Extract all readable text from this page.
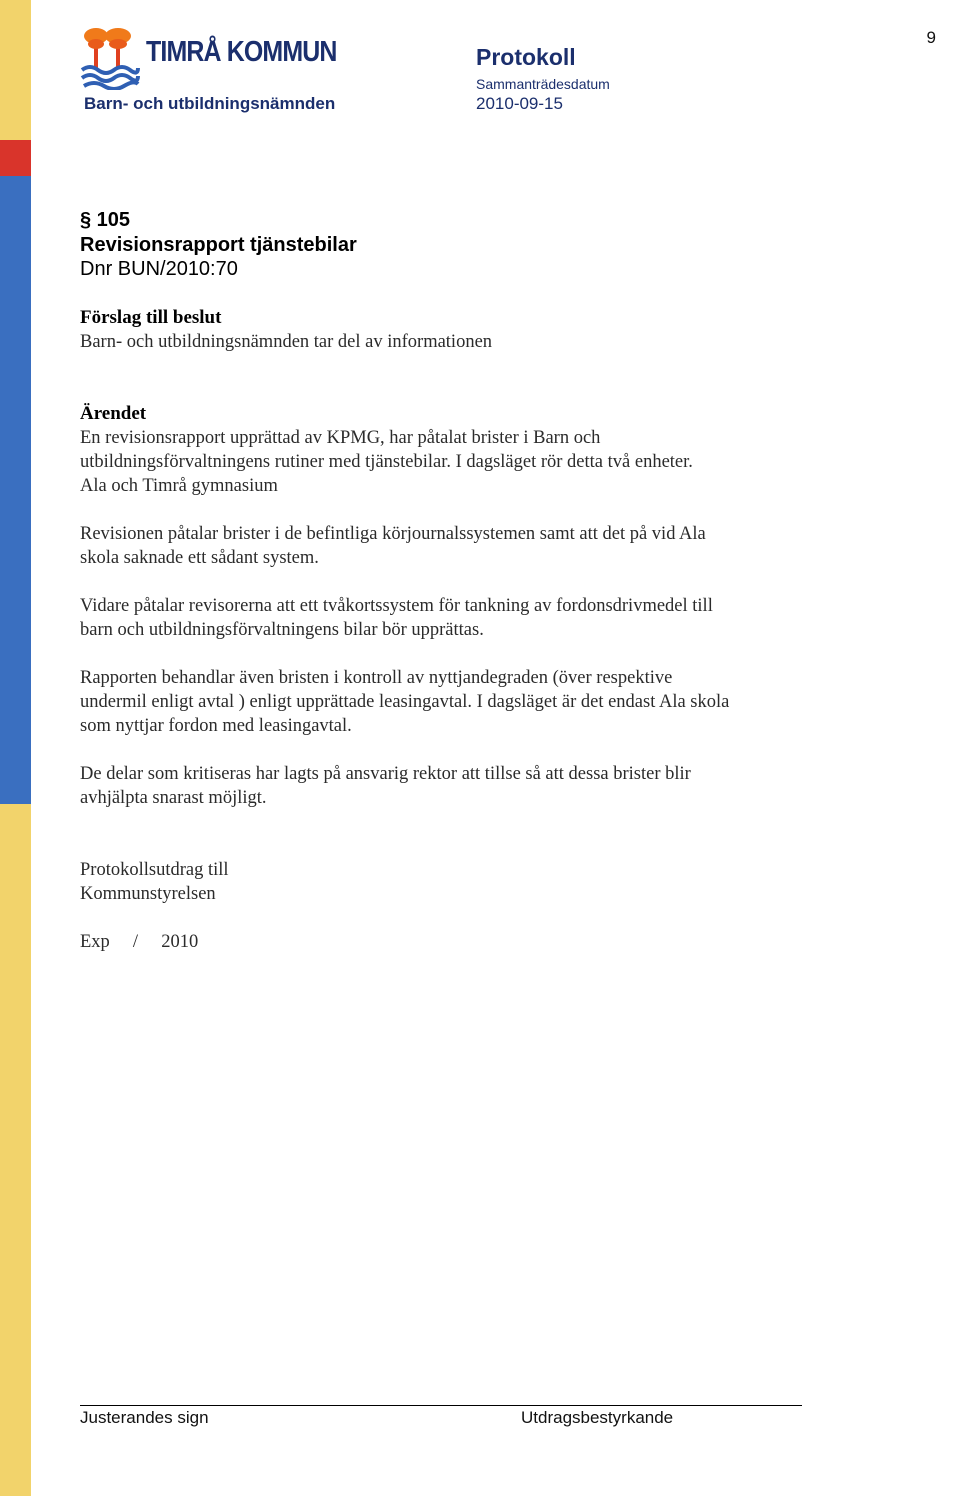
9
TIMRÅ KOMMUN
Barn- och utbildningsnämnden
Protokoll
Sammanträdesdatum
2010-09-15
§ 105
Revisionsrapport tjänstebilar
Dnr BUN/2010:70
Förslag till beslut

Barn- och utbildningsnämnden tar del av informationen

Ärendet

En revisionsrapport upprättad av KPMG, har påtalat brister i Barn och

utbildningsförvaltningens rutiner med tjänstebilar. I dagsläget rör detta två enheter.

Ala och Timrå gymnasium

Revisionen påtalar brister i de befintliga körjournalssystemen samt att det på vid Ala

skola saknade ett sådant system.

Vidare påtalar revisorerna att ett tvåkortssystem för tankning av fordonsdrivmedel till

barn och utbildningsförvaltningens bilar bör upprättas.

Rapporten behandlar även bristen i kontroll av nyttjandegraden (över respektive

undermil enligt avtal ) enligt upprättade leasingavtal. I dagsläget är det endast Ala skola

som nyttjar fordon med leasingavtal.

De delar som kritiseras har lagts på ansvarig rektor att tillse så att dessa brister blir

avhjälpta snarast möjligt.

Protokollsutdrag till

Kommunstyrelsen

Exp     /     2010

Justerandes sign	Utdragsbestyrkande
